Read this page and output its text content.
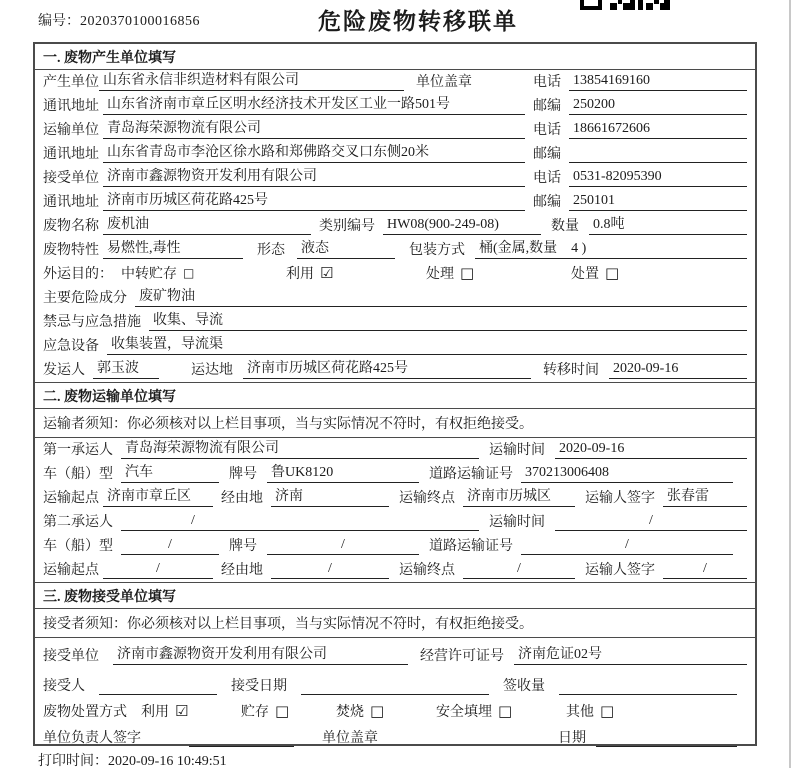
编号：2020370100016856	危险废物转移联单
一. 废物产生单位填写
产生单位 山东省永信非织造材料有限公司	单位盖章	电话 13854169160
通讯地址 山东省济南市章丘区明水经济技术开发区工业一路501号	邮编 250200
运输单位 青岛海荣源物流有限公司	电话 18661672606
通讯地址 山东省青岛市李沧区徐水路和郑佛路交叉口东侧20米	邮编
接受单位 济南市鑫源物资开发利用有限公司	电话 0531-82095390
通讯地址 济南市历城区荷花路425号	邮编 250101
废物名称 废机油	类别编号 HW08(900-249-08)	数量 0.8吨
废物特性 易燃性,毒性	形态 液态	包装方式 桶(金属,数量　4 )
外运目的： 中转贮存 □	利用 ☑	处理 □	处置 □
主要危险成分 废矿物油
禁忌与应急措施 收集、导流
应急设备 收集装置，导流渠
发运人 郭玉波	运达地 济南市历城区荷花路425号	转移时间 2020-09-16
二. 废物运输单位填写
运输者须知：你必须核对以上栏目事项，当与实际情况不符时，有权拒绝接受。
第一承运人 青岛海荣源物流有限公司	运输时间 2020-09-16
车（船）型 汽车	牌号 鲁UK8120	道路运输证号 370213006408
运输起点 济南市章丘区	经由地 济南	运输终点 济南市历城区	运输人签字 张春雷
第二承运人	/	运输时间	/
车（船）型	/	牌号	/	道路运输证号	/
运输起点	/	经由地	/	运输终点	/	运输人签字	/
三. 废物接受单位填写
接受者须知：你必须核对以上栏目事项，当与实际情况不符时，有权拒绝接受。
接受单位 济南市鑫源物资开发利用有限公司	经营许可证号 济南危证02号
接受人	接受日期	签收量
废物处置方式 利用 ☑	贮存 □	焚烧 □	安全填埋 □	其他 □
单位负责人签字	单位盖章	日期
打印时间：2020-09-16 10:49:51
